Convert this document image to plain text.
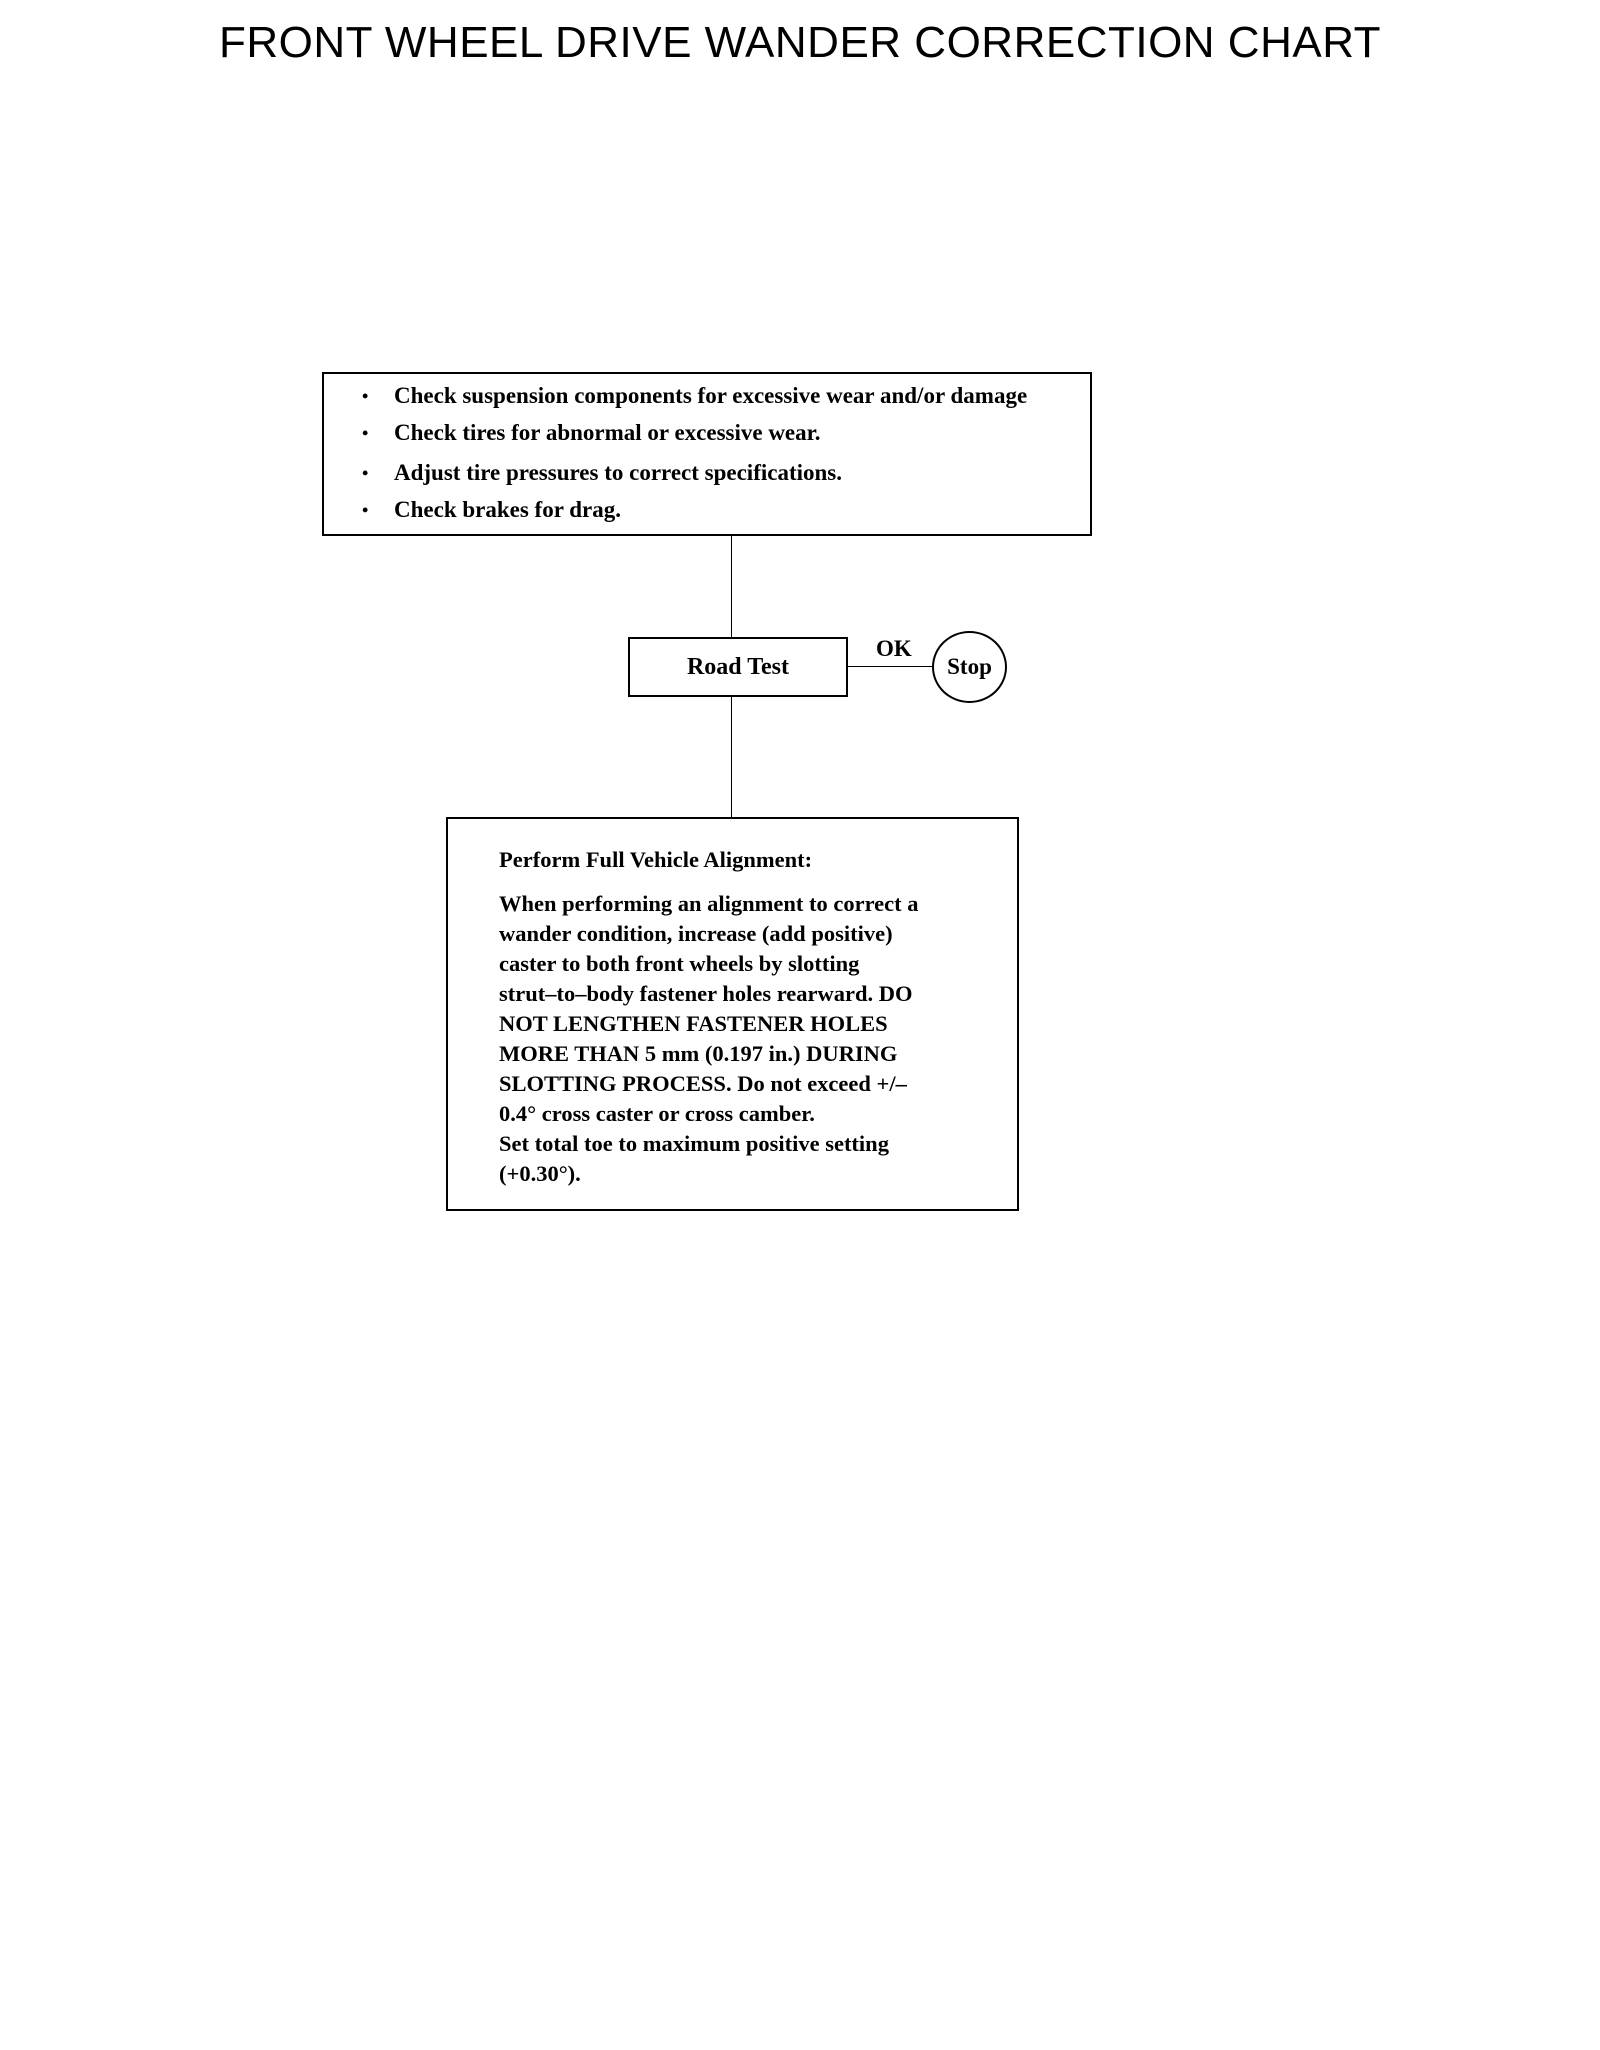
FRONT WHEEL DRIVE WANDER CORRECTION CHART
• Check suspension components for excessive wear and/or damage
• Check tires for abnormal or excessive wear.
• Adjust tire pressures to correct specifications.
• Check brakes for drag.
Road Test
OK
Stop
Perform Full Vehicle Alignment:
When performing an alignment to correct a
wander condition, increase (add positive)
caster to both front wheels by slotting
strut–to–body fastener holes rearward. DO
NOT LENGTHEN FASTENER HOLES
MORE THAN 5 mm (0.197 in.) DURING
SLOTTING PROCESS. Do not exceed +/–
0.4° cross caster or cross camber.
Set total toe to maximum positive setting
(+0.30°).
